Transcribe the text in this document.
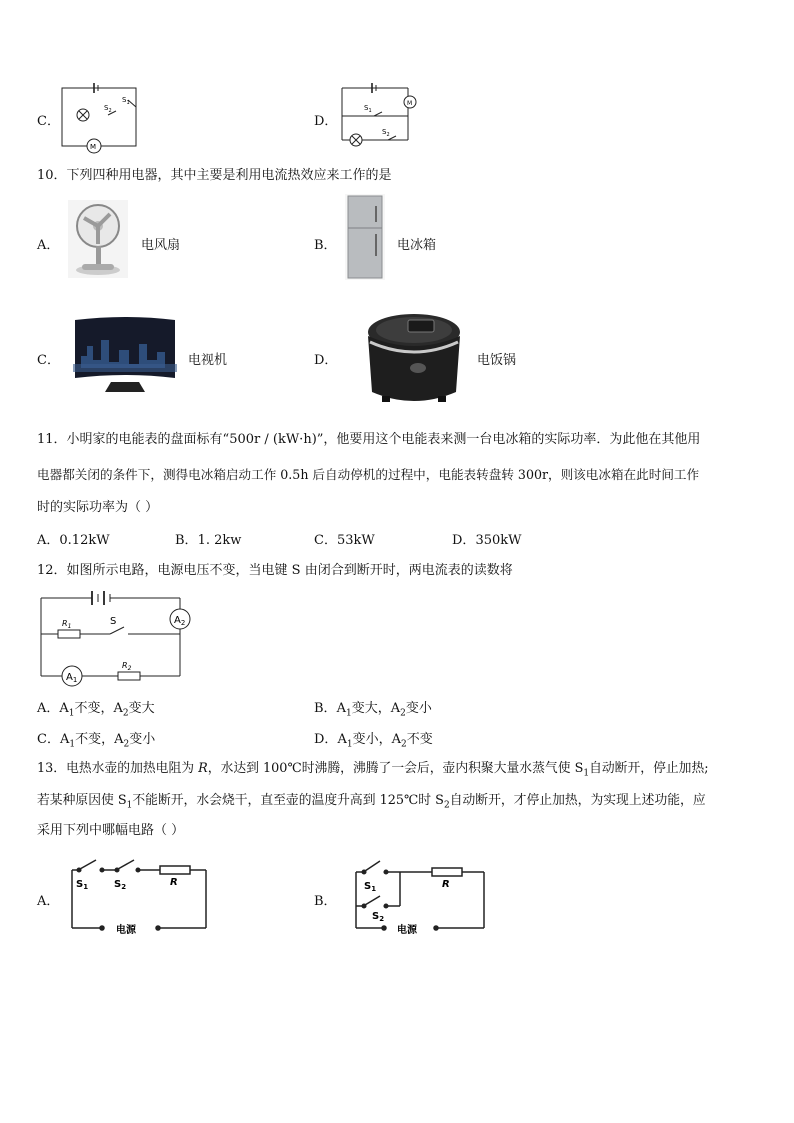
C．
M
$S_2$
$S_1$
D．
M
$S_1$
$S_2$
10．下列四种用电器，其中主要是利用电流热效应来工作的是
A．	电风扇	B．	电冰箱
C．	电视机	D．	电饭锅
11．小明家的电能表的盘面标有“500r / (kW·h)”，他要用这个电能表来测一台电冰箱的实际功率．为此他在其他用
电器都关闭的条件下，测得电冰箱启动工作 0.5h 后自动停机的过程中，电能表转盘转 300r，则该电冰箱在此时间工作
时的实际功率为（ ）
A．0.12kW	B．1. 2kw	C．53kW	D．350kW
12．如图所示电路，电源电压不变，当电键 S 由闭合到断开时，两电流表的读数将
$R_1$	S	$A_2$
$A_1$
$R_2$
A．$A_1$不变，$A_2$变大	B．$A_1$变大，$A_2$变小
C．$A_1$不变，$A_2$变小	D．$A_1$变小，$A_2$不变
13．电热水壶的加热电阻为 R，水达到 100℃时沸腾，沸腾了一会后，壶内积聚大量水蒸气使 $S_1$自动断开，停止加热;
若某种原因使 $S_1$不能断开，水会烧干，直至壶的温度升高到 125℃时 $S_2$自动断开，才停止加热，为实现上述功能，应
采用下列中哪幅电路（ ）
A．
$S_1$	$S_2$	R
电源
B．
$S_1$
$S_2$
R
电源
